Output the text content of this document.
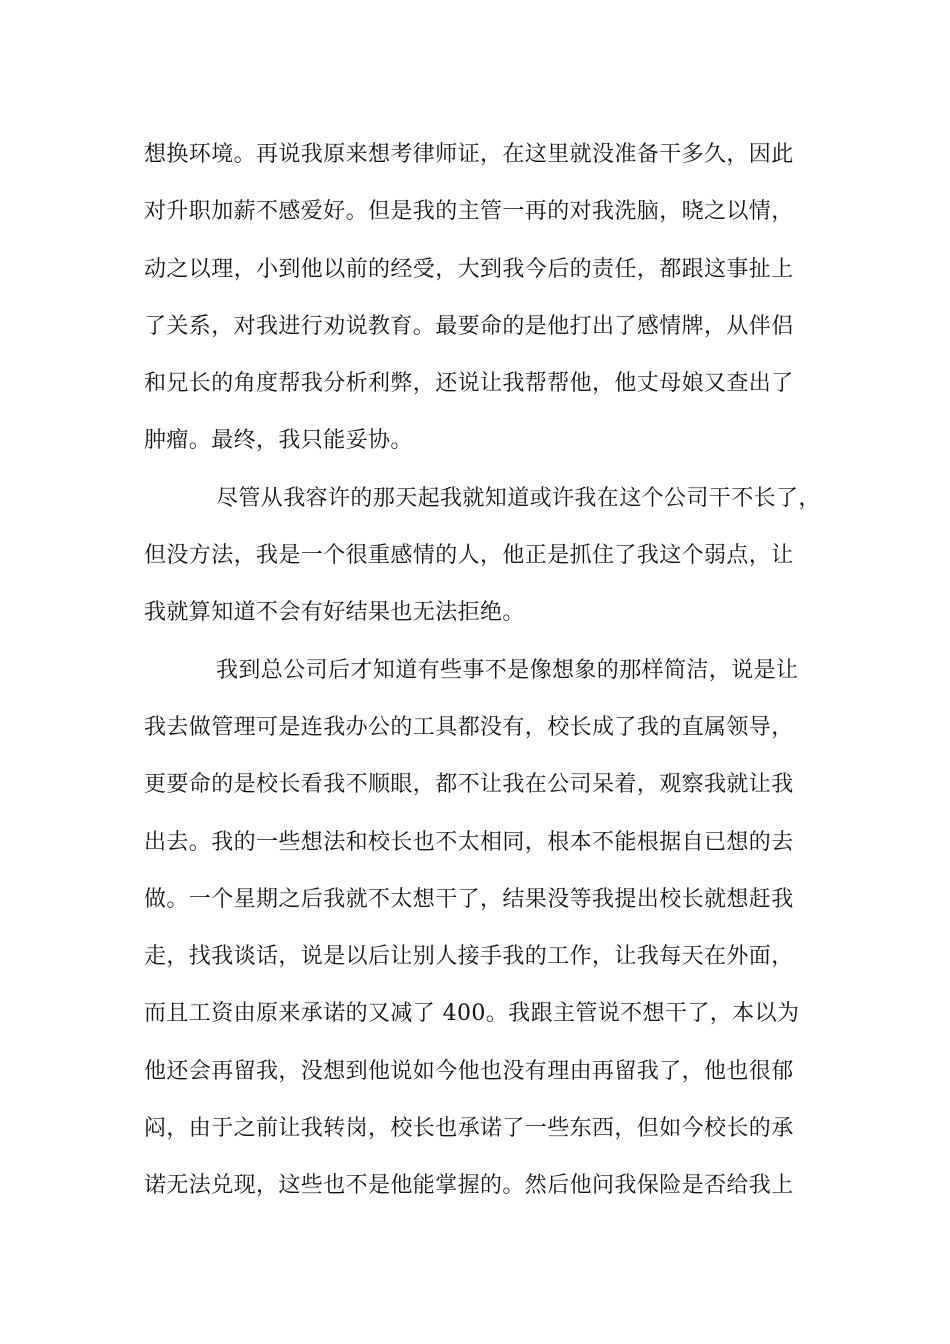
想换环境。再说我原来想考律师证，在这里就没准备干多久，因此
对升职加薪不感爱好。但是我的主管一再的对我洗脑，晓之以情，
动之以理，小到他以前的经受，大到我今后的责任，都跟这事扯上
了关系，对我进行劝说教育。最要命的是他打出了感情牌，从伴侣
和兄长的角度帮我分析利弊，还说让我帮帮他，他丈母娘又查出了
肿瘤。最终，我只能妥协。
尽管从我容许的那天起我就知道或许我在这个公司干不长了，
但没方法，我是一个很重感情的人，他正是抓住了我这个弱点，让
我就算知道不会有好结果也无法拒绝。
我到总公司后才知道有些事不是像想象的那样简洁，说是让
我去做管理可是连我办公的工具都没有，校长成了我的直属领导，
更要命的是校长看我不顺眼，都不让我在公司呆着，观察我就让我
出去。我的一些想法和校长也不太相同，根本不能根据自已想的去
做。一个星期之后我就不太想干了，结果没等我提出校长就想赶我
走，找我谈话，说是以后让别人接手我的工作，让我每天在外面，
而且工资由原来承诺的又减了 400。我跟主管说不想干了，本以为
他还会再留我，没想到他说如今他也没有理由再留我了，他也很郁
闷，由于之前让我转岗，校长也承诺了一些东西，但如今校长的承
诺无法兑现，这些也不是他能掌握的。然后他问我保险是否给我上
